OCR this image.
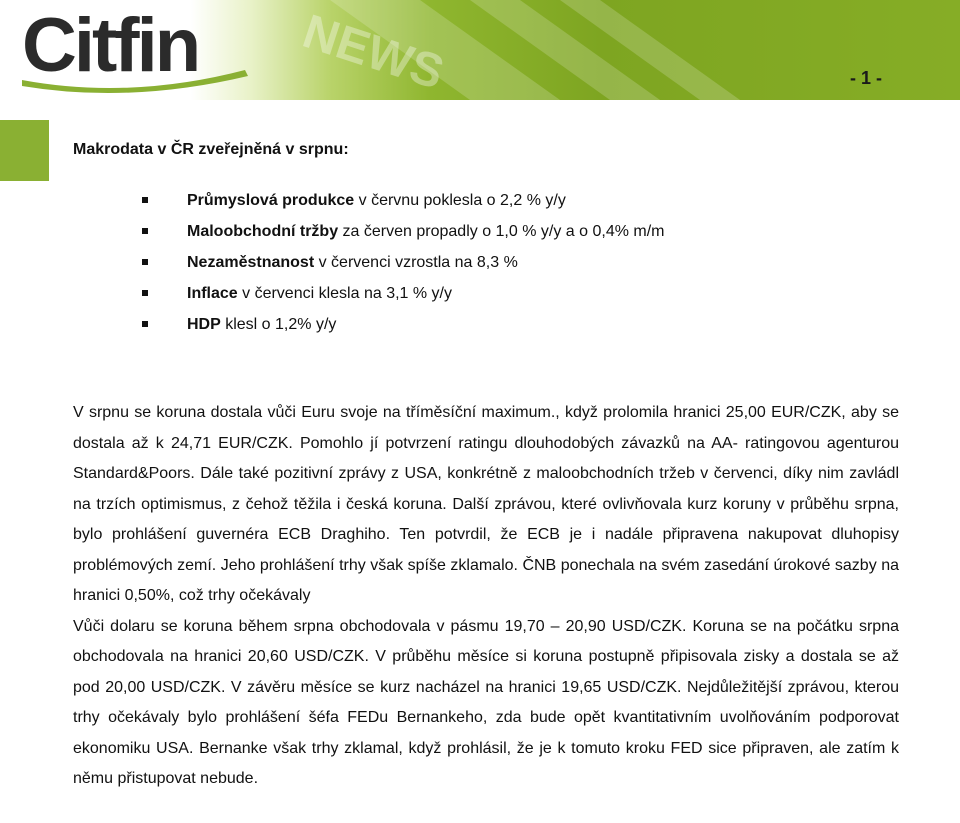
NEWS
Citfin	- 1 -
Makrodata v ČR zveřejněná v srpnu:
Průmyslová produkce v červnu poklesla o 2,2 % y/y
Maloobchodní tržby za červen propadly o 1,0 % y/y a o 0,4% m/m
Nezaměstnanost v červenci vzrostla na 8,3 %
Inflace v červenci klesla na 3,1 % y/y
HDP klesl o 1,2% y/y

V srpnu se koruna dostala vůči Euru svoje na tříměsíční maximum., když prolomila hranici 25,00 EUR/CZK, aby se dostala až k 24,71 EUR/CZK. Pomohlo jí potvrzení ratingu dlouhodobých závazků na AA- ratingovou agenturou Standard&Poors. Dále také pozitivní zprávy z USA, konkrétně z maloobchodních tržeb v červenci, díky nim zavládl na trzích optimismus, z čehož těžila i česká koruna. Další zprávou, které ovlivňovala kurz koruny v průběhu srpna, bylo prohlášení guvernéra ECB Draghiho. Ten potvrdil, že ECB je i nadále připravena nakupovat dluhopisy problémových zemí. Jeho prohlášení trhy však spíše zklamalo. ČNB ponechala na svém zasedání úrokové sazby na hranici 0,50%, což trhy očekávaly

Vůči dolaru se koruna během srpna obchodovala v pásmu 19,70 – 20,90 USD/CZK. Koruna se na počátku srpna obchodovala na hranici 20,60 USD/CZK. V průběhu měsíce si koruna postupně připisovala zisky a dostala se až pod 20,00 USD/CZK. V závěru měsíce se kurz nacházel na hranici 19,65 USD/CZK. Nejdůležitější zprávou, kterou trhy očekávaly bylo prohlášení šéfa FEDu Bernankeho, zda bude opět kvantitativním uvolňováním podporovat ekonomiku USA. Bernanke však trhy zklamal, když prohlásil, že je k tomuto kroku FED sice připraven, ale zatím k němu přistupovat nebude.
